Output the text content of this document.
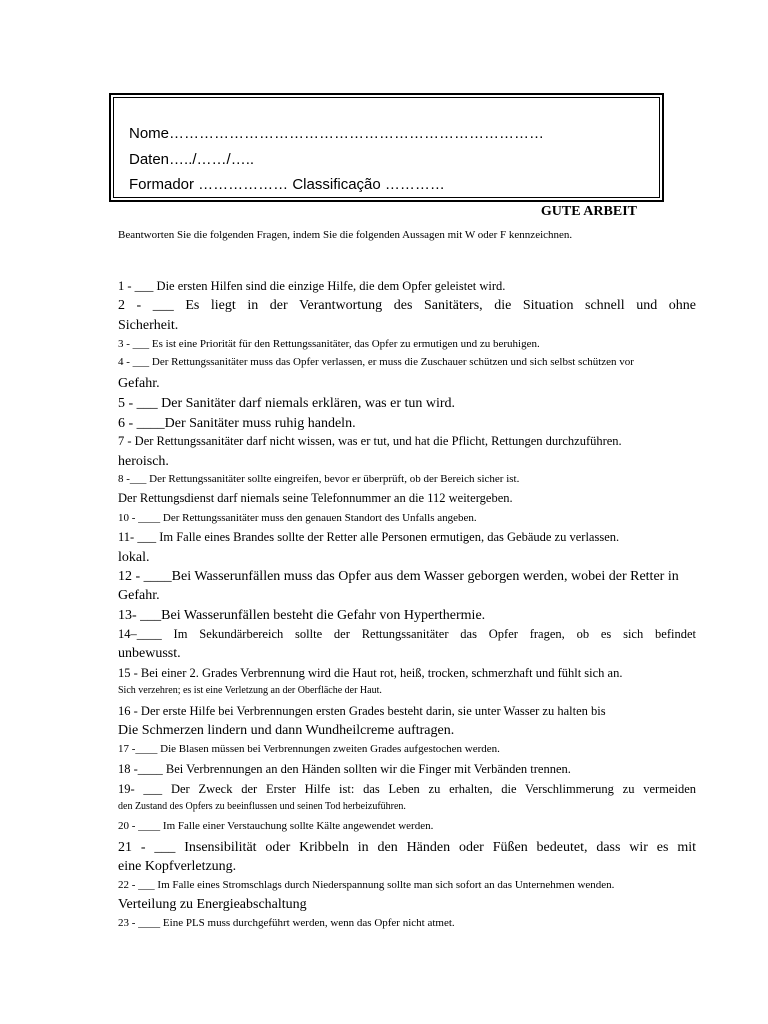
Nome…………………………………………………………………
Daten…../……/…..
Formador ……………… Classificação …………
GUTE ARBEIT
Beantworten Sie die folgenden Fragen, indem Sie die folgenden Aussagen mit W oder F kennzeichnen.
1 - ___ Die ersten Hilfen sind die einzige Hilfe, die dem Opfer geleistet wird.
2 - ___ Es liegt in der Verantwortung des Sanitäters, die Situation schnell und ohne
Sicherheit.
3 - ___ Es ist eine Priorität für den Rettungssanitäter, das Opfer zu ermutigen und zu beruhigen.
4 - ___ Der Rettungssanitäter muss das Opfer verlassen, er muss die Zuschauer schützen und sich selbst schützen vor
Gefahr.
5 - ___ Der Sanitäter darf niemals erklären, was er tun wird.
6 - ____Der Sanitäter muss ruhig handeln.
7 - Der Rettungssanitäter darf nicht wissen, was er tut, und hat die Pflicht, Rettungen durchzuführen.
heroisch.
8 -___ Der Rettungssanitäter sollte eingreifen, bevor er überprüft, ob der Bereich sicher ist.
Der Rettungsdienst darf niemals seine Telefonnummer an die 112 weitergeben.
10 - ____ Der Rettungssanitäter muss den genauen Standort des Unfalls angeben.
11- ___ Im Falle eines Brandes sollte der Retter alle Personen ermutigen, das Gebäude zu verlassen.
lokal.
12 - ____Bei Wasserunfällen muss das Opfer aus dem Wasser geborgen werden, wobei der Retter in
Gefahr.
13- ___Bei Wasserunfällen besteht die Gefahr von Hyperthermie.
14–____ Im Sekundärbereich sollte der Rettungssanitäter das Opfer fragen, ob es sich befindet
unbewusst.
15 - Bei einer 2. Grades Verbrennung wird die Haut rot, heiß, trocken, schmerzhaft und fühlt sich an.
Sich verzehren; es ist eine Verletzung an der Oberfläche der Haut.
16 - Der erste Hilfe bei Verbrennungen ersten Grades besteht darin, sie unter Wasser zu halten bis
Die Schmerzen lindern und dann Wundheilcreme auftragen.
17 -____ Die Blasen müssen bei Verbrennungen zweiten Grades aufgestochen werden.
18 -____ Bei Verbrennungen an den Händen sollten wir die Finger mit Verbänden trennen.
19- ___ Der Zweck der Erster Hilfe ist: das Leben zu erhalten, die Verschlimmerung zu vermeiden
den Zustand des Opfers zu beeinflussen und seinen Tod herbeizuführen.
20 - ____ Im Falle einer Verstauchung sollte Kälte angewendet werden.
21 - ___ Insensibilität oder Kribbeln in den Händen oder Füßen bedeutet, dass wir es mit
eine Kopfverletzung.
22 - ___ Im Falle eines Stromschlags durch Niederspannung sollte man sich sofort an das Unternehmen wenden.
Verteilung zu Energieabschaltung
23 - ____ Eine PLS muss durchgeführt werden, wenn das Opfer nicht atmet.
